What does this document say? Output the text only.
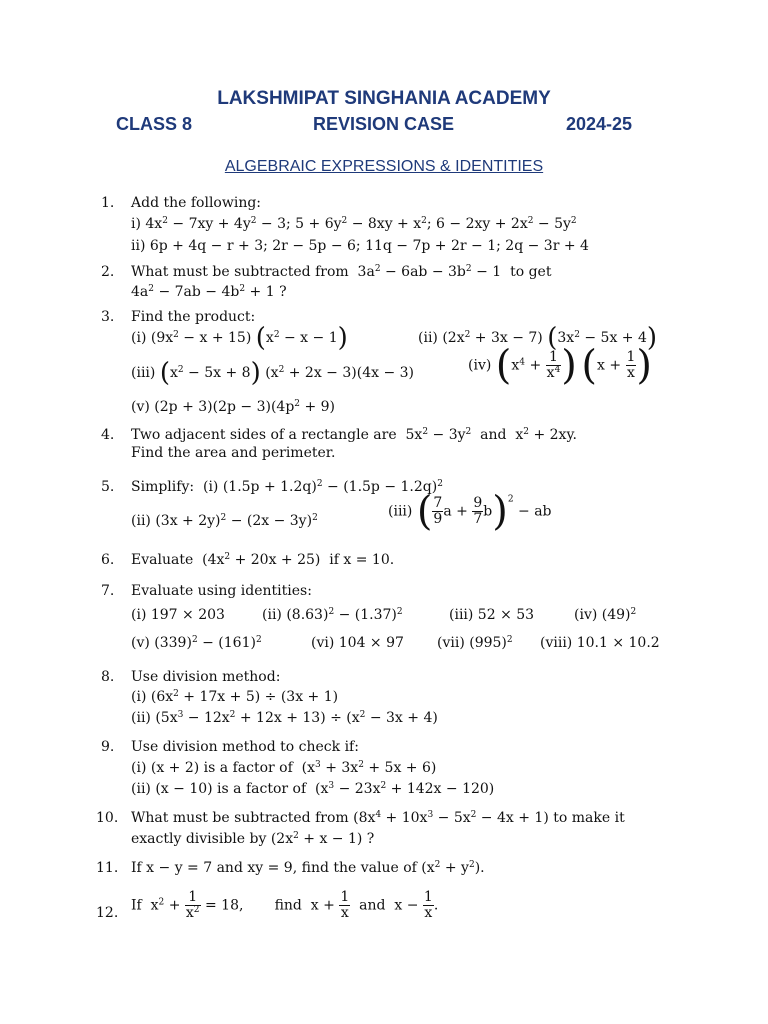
LAKSHMIPAT SINGHANIA ACADEMY
CLASS 8	REVISION CASE	2024-25
ALGEBRAIC EXPRESSIONS & IDENTITIES
1. Add the following:
i) $4x^2 - 7xy + 4y^2 - 3$; $5 + 6y^2 - 8xy + x^2$; $6 - 2xy + 2x^2 - 5y^2$
ii) 6p + 4q − r + 3; 2r − 5p − 6; 11q − 7p + 2r − 1; 2q − 3r + 4
2. What must be subtracted from  $3a^2 - 6ab - 3b^2 - 1$  to get
$4a^2 - 7ab - 4b^2 + 1$ ?
3. Find the product:
(i) $(9x^2 - x + 15) (x^2 - x - 1)$	(ii) $(2x^2 + 3x - 7) (3x^2 - 5x + 4)$
(iii) $(x^2 - 5x + 8) (x^2 + 2x - 3)(4x - 3)$	(iv) ($x^4 + \frac{1}{x^4}$ ) ($x + \frac{1}{x}$ )
(v) $(2p + 3)(2p - 3)(4p^2 + 9)$
4. Two adjacent sides of a rectangle are  $5x^2 - 3y^2$  and  $x^2 + 2xy$.
Find the area and perimeter.
5. Simplify:  (i) $(1.5p + 1.2q)^2 - (1.5p - 1.2q)^2$
(ii) $(3x + 2y)^2 - (2x - 3y)^2$	(iii) ( $\frac{7}{9}$ $a + \frac{9}{7} b)^2$ − ab
6. Evaluate  $(4x^2 + 20x + 25)$  if x = 10.
7. Evaluate using identities:
(i) 197 × 203	(ii) $(8.63)^2 - (1.37)^2$	(iii) 52 × 53	(iv) $(49)^2$
(v) $(339)^2 - (161)^2$	(vi) 104 × 97 (vii) $(995)^2$ (viii) 10.1 × 10.2
8. Use division method:
(i) $(6x^2 + 17x + 5) \div (3x + 1)$
(ii) $(5x^3 - 12x^2 + 12x + 13) \div (x^2 - 3x + 4)$
9. Use division method to check if:
(i) (x + 2) is a factor of  $(x^3 + 3x^2 + 5x + 6)$
(ii) (x − 10) is a factor of  $(x^3 - 23x^2 + 142x - 120)$
10. What must be subtracted from $(8x^4 + 10x^3 - 5x^2 - 4x + 1)$ to make it
exactly divisible by $(2x^2 + x - 1)$ ?
11. If x − y = 7 and xy = 9, find the value of $(x^2 + y^2)$.
12. If  $x^2 + \frac{1}{x^2} = 18$,       find  $x + \frac{1}{x}$ and  $x - \frac{1}{x}$ .
